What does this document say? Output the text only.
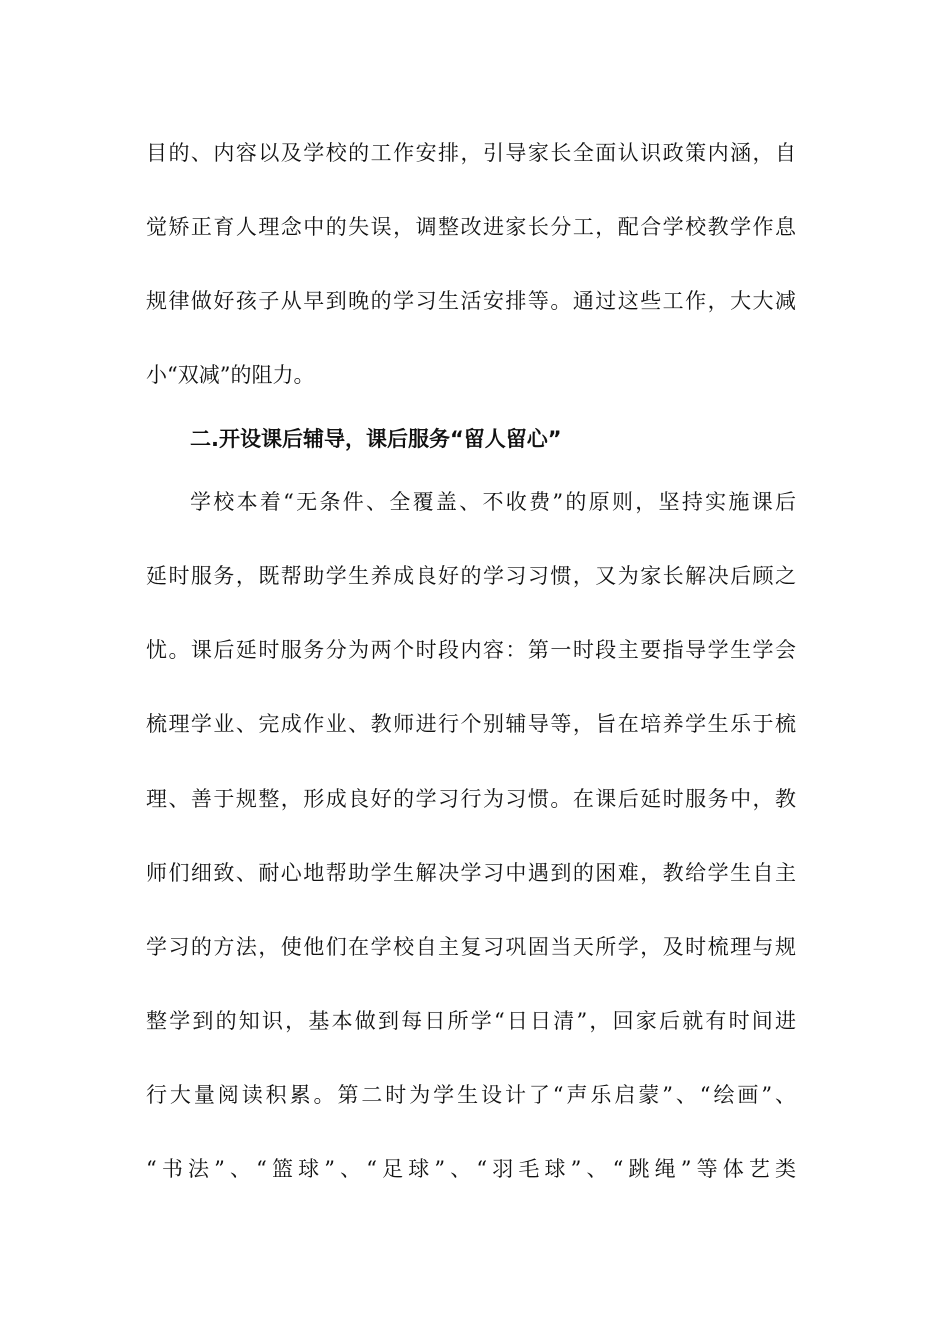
目的、内容以及学校的工作安排，引导家长全面认识政策内涵，自
觉矫正育人理念中的失误，调整改进家长分工，配合学校教学作息
规律做好孩子从早到晚的学习生活安排等。通过这些工作，大大减
小“双减”的阻力。
二.开设课后辅导，课后服务“留人留心”
学校本着“无条件、全覆盖、不收费”的原则，坚持实施课后
延时服务，既帮助学生养成良好的学习习惯，又为家长解决后顾之
忧。课后延时服务分为两个时段内容：第一时段主要指导学生学会
梳理学业、完成作业、教师进行个别辅导等，旨在培养学生乐于梳
理、善于规整，形成良好的学习行为习惯。在课后延时服务中，教
师们细致、耐心地帮助学生解决学习中遇到的困难，教给学生自主
学习的方法，使他们在学校自主复习巩固当天所学，及时梳理与规
整学到的知识，基本做到每日所学“日日清”，回家后就有时间进
行大量阅读积累。第二时为学生设计了“声乐启蒙”、“绘画”、
“书法”、“篮球”、“足球”、“羽毛球”、“跳绳”等体艺类
